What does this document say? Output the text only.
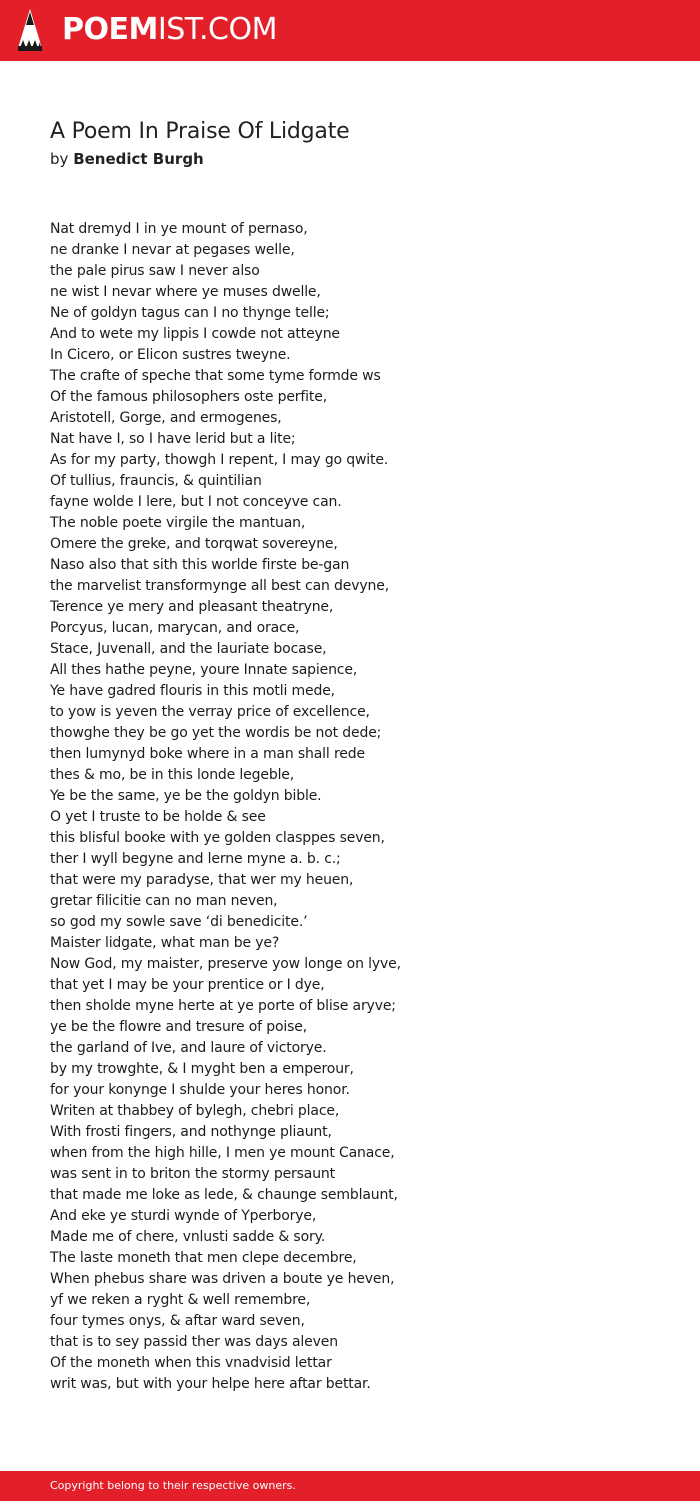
POEMIST.COM
A Poem In Praise Of Lidgate
by Benedict Burgh
Nat dremyd I in ye mount of pernaso,
ne dranke I nevar at pegases welle,
the pale pirus saw I never also
ne wist I nevar where ye muses dwelle,
Ne of goldyn tagus can I no thynge telle;
And to wete my lippis I cowde not atteyne
In Cicero, or Elicon sustres tweyne.
The crafte of speche that some tyme formde ws
Of the famous philosophers oste perfite,
Aristotell, Gorge, and ermogenes,
Nat have I, so I have lerid but a lite;
As for my party, thowgh I repent, I may go qwite.
Of tullius, frauncis, & quintilian
fayne wolde I lere, but I not conceyve can.
The noble poete virgile the mantuan,
Omere the greke, and torqwat sovereyne,
Naso also that sith this worlde firste be-gan
the marvelist transformynge all best can devyne,
Terence ye mery and pleasant theatryne,
Porcyus, lucan, marycan, and orace,
Stace, Juvenall, and the lauriate bocase,
All thes hathe peyne, youre Innate sapience,
Ye have gadred flouris in this motli mede,
to yow is yeven the verray price of excellence,
thowghe they be go yet the wordis be not dede;
then lumynyd boke where in a man shall rede
thes & mo, be in this londe legeble,
Ye be the same, ye be the goldyn bible.
O yet I truste to be holde & see
this blisful booke with ye golden clasppes seven,
ther I wyll begyne and lerne myne a. b. c.;
that were my paradyse, that wer my heuen,
gretar filicitie can no man neven,
so god my sowle save ‘di benedicite.’
Maister lidgate, what man be ye?
Now God, my maister, preserve yow longe on lyve,
that yet I may be your prentice or I dye,
then sholde myne herte at ye porte of blise aryve;
ye be the flowre and tresure of poise,
the garland of Ive, and laure of victorye.
by my trowghte, & I myght ben a emperour,
for your konynge I shulde your heres honor.
Writen at thabbey of bylegh, chebri place,
With frosti fingers, and nothynge pliaunt,
when from the high hille, I men ye mount Canace,
was sent in to briton the stormy persaunt
that made me loke as lede, & chaunge semblaunt,
And eke ye sturdi wynde of Yperborye,
Made me of chere, vnlusti sadde & sory.
The laste moneth that men clepe decembre,
When phebus share was driven a boute ye heven,
yf we reken a ryght & well remembre,
four tymes onys, & aftar ward seven,
that is to sey passid ther was days aleven
Of the moneth when this vnadvisid lettar
writ was, but with your helpe here aftar bettar.
Copyright belong to their respective owners.
